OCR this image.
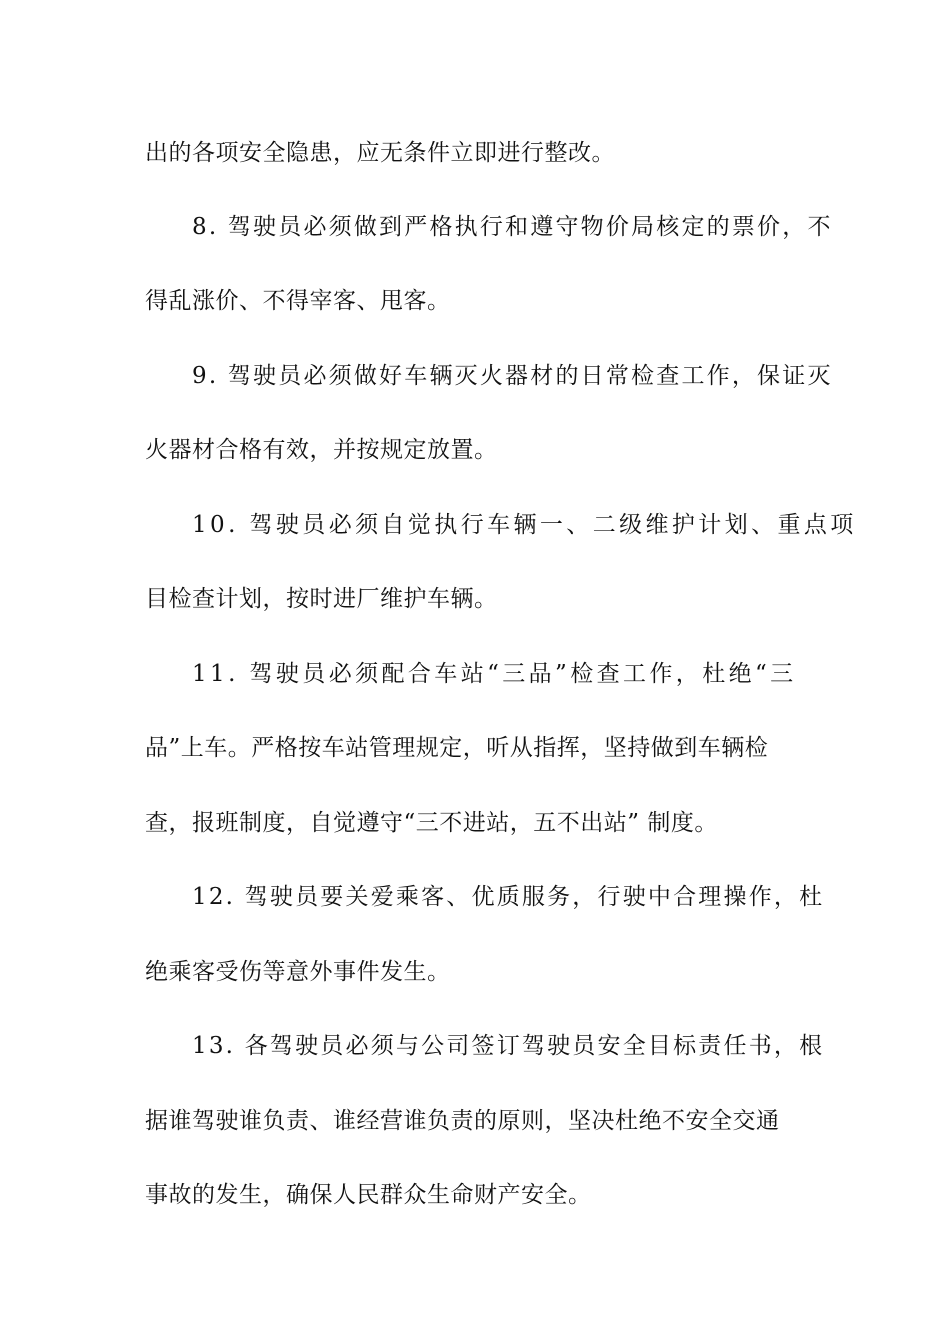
出的各项安全隐患，应无条件立即进行整改。
8. 驾驶员必须做到严格执行和遵守物价局核定的票价，不
得乱涨价、不得宰客、甩客。
9. 驾驶员必须做好车辆灭火器材的日常检查工作，保证灭
火器材合格有效，并按规定放置。
10. 驾驶员必须自觉执行车辆一、二级维护计划、重点项
目检查计划，按时进厂维护车辆。
11. 驾驶员必须配合车站“三品”检查工作，杜绝“三
品”上车。严格按车站管理规定，听从指挥，坚持做到车辆检
查，报班制度，自觉遵守“三不进站，五不出站” 制度。
12. 驾驶员要关爱乘客、优质服务，行驶中合理操作，杜
绝乘客受伤等意外事件发生。
13. 各驾驶员必须与公司签订驾驶员安全目标责任书，根
据谁驾驶谁负责、谁经营谁负责的原则，坚决杜绝不安全交通
事故的发生，确保人民群众生命财产安全。
